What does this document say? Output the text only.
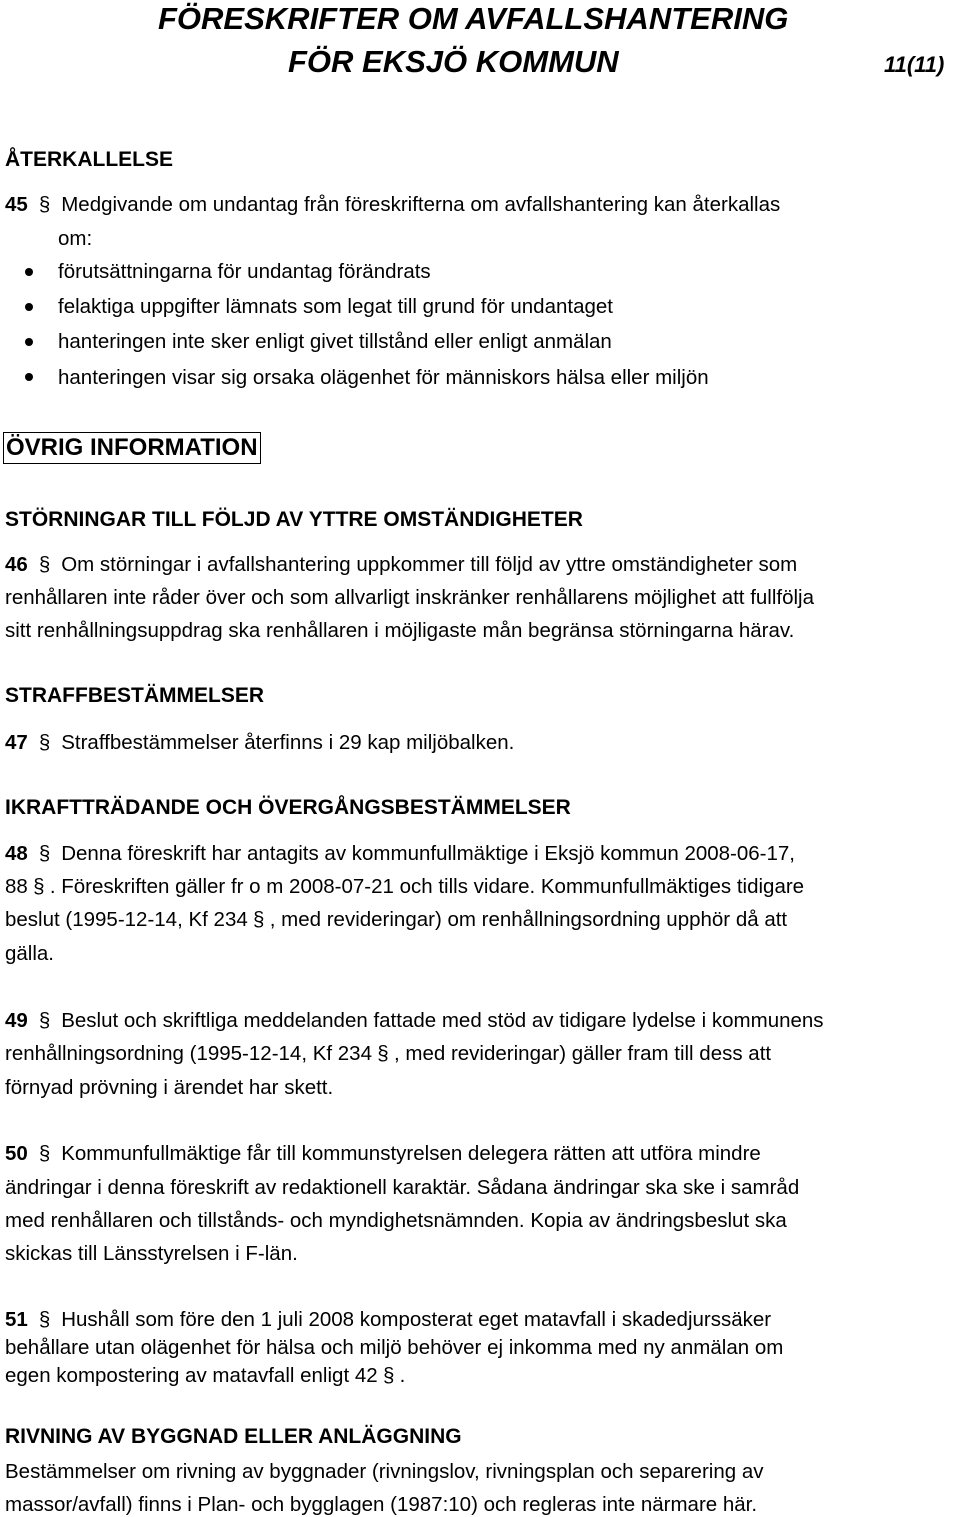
FÖRESKRIFTER OM AVFALLSHANTERING
FÖR EKSJÖ KOMMUN	11(11)
ÅTERKALLELSE
45 § Medgivande om undantag från föreskrifterna om avfallshantering kan återkallas
om:
förutsättningarna för undantag förändrats
felaktiga uppgifter lämnats som legat till grund för undantaget
hanteringen inte sker enligt givet tillstånd eller enligt anmälan
hanteringen visar sig orsaka olägenhet för människors hälsa eller miljön
ÖVRIG INFORMATION
STÖRNINGAR TILL FÖLJD AV YTTRE OMSTÄNDIGHETER
46 § Om störningar i avfallshantering uppkommer till följd av yttre omständigheter som
renhållaren inte råder över och som allvarligt inskränker renhållarens möjlighet att fullfölja
sitt renhållningsuppdrag ska renhållaren i möjligaste mån begränsa störningarna härav.
STRAFFBESTÄMMELSER
47 § Straffbestämmelser återfinns i 29 kap miljöbalken.
IKRAFTTRÄDANDE OCH ÖVERGÅNGSBESTÄMMELSER
48 § Denna föreskrift har antagits av kommunfullmäktige i Eksjö kommun 2008-06-17,
88 § . Föreskriften gäller fr o m 2008-07-21 och tills vidare. Kommunfullmäktiges tidigare
beslut (1995-12-14, Kf 234 § , med revideringar) om renhållningsordning upphör då att
gälla.
49 § Beslut och skriftliga meddelanden fattade med stöd av tidigare lydelse i kommunens
renhållningsordning (1995-12-14, Kf 234 § , med revideringar) gäller fram till dess att
förnyad prövning i ärendet har skett.
50 § Kommunfullmäktige får till kommunstyrelsen delegera rätten att utföra mindre
ändringar i denna föreskrift av redaktionell karaktär. Sådana ändringar ska ske i samråd
med renhållaren och tillstånds- och myndighetsnämnden. Kopia av ändringsbeslut ska
skickas till Länsstyrelsen i F-län.
51 § Hushåll som före den 1 juli 2008 komposterat eget matavfall i skadedjurssäker
behållare utan olägenhet för hälsa och miljö behöver ej inkomma med ny anmälan om
egen kompostering av matavfall enligt 42 § .
RIVNING AV BYGGNAD ELLER ANLÄGGNING
Bestämmelser om rivning av byggnader (rivningslov, rivningsplan och separering av
massor/avfall) finns i Plan- och bygglagen (1987:10) och regleras inte närmare här.
